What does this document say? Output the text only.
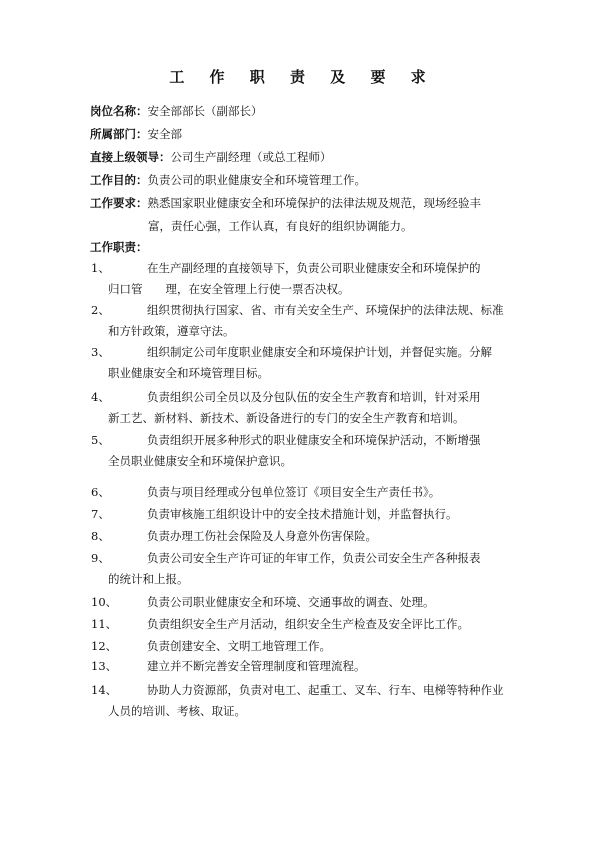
工 作 职 责 及 要 求
岗位名称：安全部部长（副部长）
所属部门：安全部
直接上级领导：公司生产副经理（或总工程师）
工作目的：负责公司的职业健康安全和环境管理工作。
工作要求：熟悉国家职业健康安全和环境保护的法律法规及规范，现场经验丰
富，责任心强，工作认真，有良好的组织协调能力。
工作职责：
1、	在生产副经理的直接领导下，负责公司职业健康安全和环境保护的
归口管　　理，在安全管理上行使一票否决权。
2、	组织贯彻执行国家、省、市有关安全生产、环境保护的法律法规、标准
和方针政策，遵章守法。
3、	组织制定公司年度职业健康安全和环境保护计划，并督促实施。分解
职业健康安全和环境管理目标。
4、	负责组织公司全员以及分包队伍的安全生产教育和培训，针对采用
新工艺、新材料、新技术、新设备进行的专门的安全生产教育和培训。
5、	负责组织开展多种形式的职业健康安全和环境保护活动，不断增强
全员职业健康安全和环境保护意识。
6、	负责与项目经理或分包单位签订《项目安全生产责任书》。
7、	负责审核施工组织设计中的安全技术措施计划，并监督执行。
8、	负责办理工伤社会保险及人身意外伤害保险。
9、	负责公司安全生产许可证的年审工作，负责公司安全生产各种报表
的统计和上报。
10、	负责公司职业健康安全和环境、交通事故的调查、处理。
11、	负责组织安全生产月活动，组织安全生产检查及安全评比工作。
12、	负责创建安全、文明工地管理工作。
13、	建立并不断完善安全管理制度和管理流程。
14、	协助人力资源部，负责对电工、起重工、叉车、行车、电梯等特种作业
人员的培训、考核、取证。
